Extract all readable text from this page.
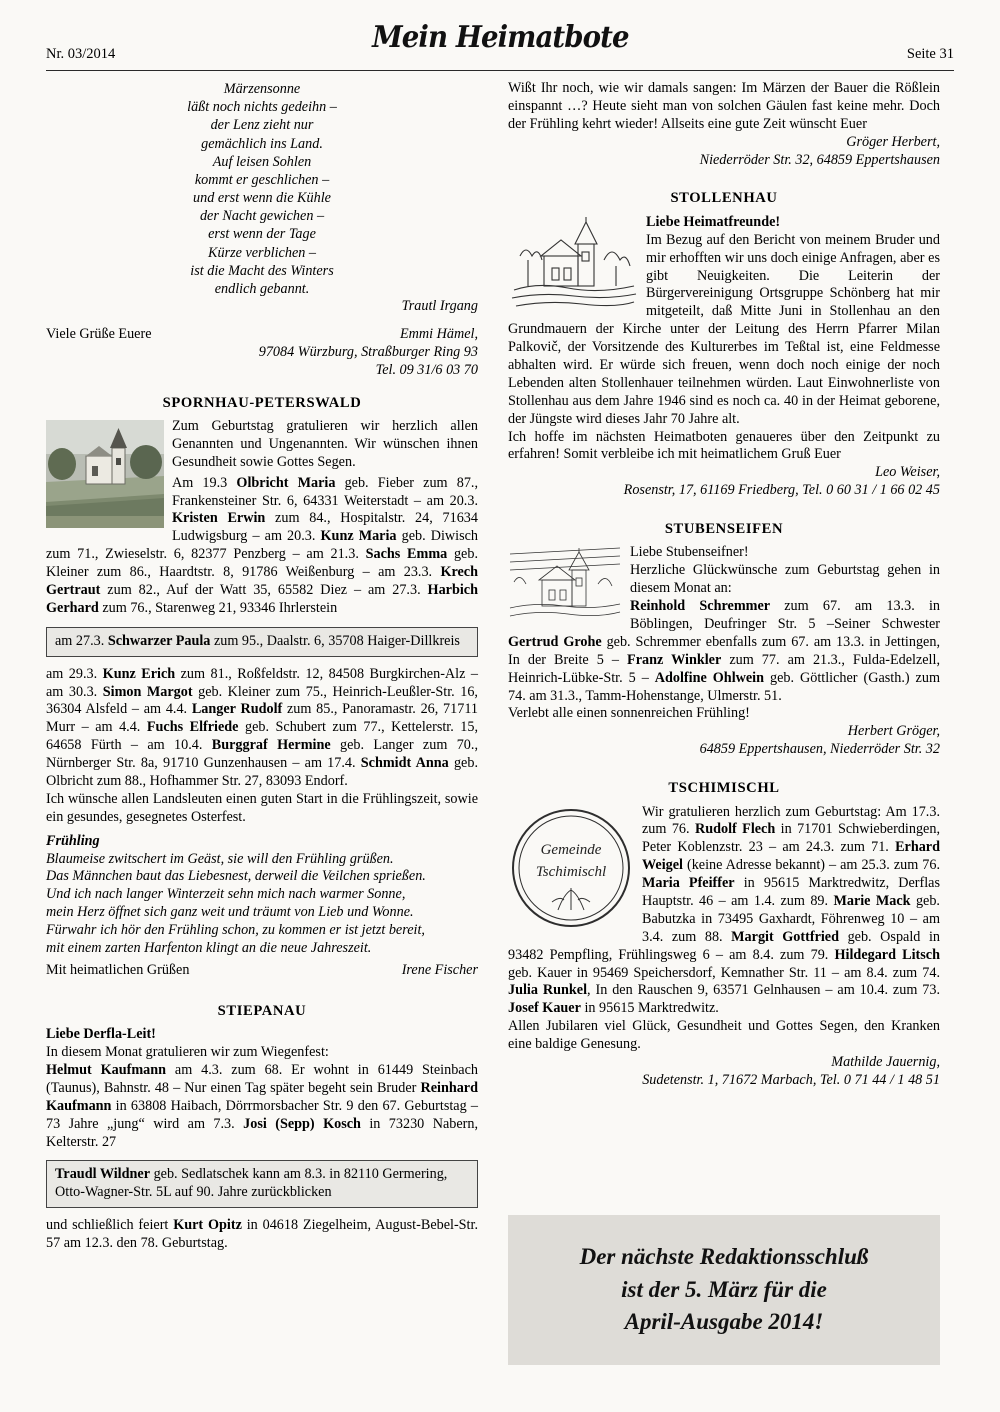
Nr. 03/2014	Mein Heimatbote	Seite 31

Märzensonne

läßt noch nichts gedeihn –

der Lenz zieht nur

gemächlich ins Land.

Auf leisen Sohlen

kommt er geschlichen –

und erst wenn die Kühle

der Nacht gewichen –

erst wenn der Tage

Kürze verblichen –

ist die Macht des Winters

endlich gebannt.

Trautl Irgang

Viele Grüße Euere	Emmi Hämel,

97084 Würzburg, Straßburger Ring 93

Tel. 09 31/6 03 70

SPORNHAU-PETERSWALD

Zum Geburtstag gratulieren wir herzlich allen Genannten und Ungenannten. Wir wünschen ihnen Gesundheit sowie Gottes Segen.

Am 19.3 Olbricht Maria geb. Fieber zum 87., Frankensteiner Str. 6, 64331 Weiterstadt – am 20.3. Kristen Erwin zum 84., Hospitalstr. 24, 71634 Ludwigsburg – am 20.3. Kunz Maria geb. Diwisch zum 71., Zwieselstr. 6, 82377 Penzberg – am 21.3. Sachs Emma geb. Kleiner zum 86., Haardtstr. 8, 91786 Weißenburg – am 23.3. Krech Gertraut zum 82., Auf der Watt 35, 65582 Diez – am 27.3. Harbich Gerhard zum 76., Starenweg 21, 93346 Ihrlerstein

am 27.3. Schwarzer Paula zum 95., Daalstr. 6, 35708 Haiger-Dillkreis

am 29.3. Kunz Erich zum 81., Roßfeldstr. 12, 84508 Burgkirchen-Alz – am 30.3. Simon Margot geb. Kleiner zum 75., Heinrich-Leußler-Str. 16, 36304 Alsfeld – am 4.4. Langer Rudolf zum 85., Panoramastr. 26, 71711 Murr – am 4.4. Fuchs Elfriede geb. Schubert zum 77., Kettelerstr. 15, 64658 Fürth – am 10.4. Burggraf Hermine geb. Langer zum 70., Nürnberger Str. 8a, 91710 Gunzenhausen – am 17.4. Schmidt Anna geb. Olbricht zum 88., Hofhammer Str. 27, 83093 Endorf.

Ich wünsche allen Landsleuten einen guten Start in die Frühlingszeit, sowie ein gesundes, gesegnetes Osterfest.

Frühling

Blaumeise zwitschert im Geäst, sie will den Frühling grüßen.

Das Männchen baut das Liebesnest, derweil die Veilchen sprießen.

Und ich nach langer Winterzeit sehn mich nach warmer Sonne,

mein Herz öffnet sich ganz weit und träumt von Lieb und Wonne.

Fürwahr ich hör den Frühling schon, zu kommen er ist jetzt bereit,

mit einem zarten Harfenton klingt an die neue Jahreszeit.

Mit heimatlichen Grüßen	Irene Fischer

STIEPANAU

Liebe Derfla-Leit!

In diesem Monat gratulieren wir zum Wiegenfest:

Helmut Kaufmann am 4.3. zum 68. Er wohnt in 61449 Steinbach (Taunus), Bahnstr. 48 – Nur einen Tag später begeht sein Bruder Reinhard Kaufmann in 63808 Haibach, Dörrmorsbacher Str. 9 den 67. Geburtstag – 73 Jahre „jung“ wird am 7.3. Josi (Sepp) Kosch in 73230 Nabern, Kelterstr. 27

Traudl Wildner geb. Sedlatschek kann am 8.3. in 82110 Germering, Otto-Wagner-Str. 5L auf 90. Jahre zurückblicken

und schließlich feiert Kurt Opitz in 04618 Ziegelheim, August-Bebel-Str. 57 am 12.3. den 78. Geburtstag.

Wißt Ihr noch, wie wir damals sangen: Im Märzen der Bauer die Rößlein einspannt …? Heute sieht man von solchen Gäulen fast keine mehr. Doch der Frühling kehrt wieder! Allseits eine gute Zeit wünscht Euer

Gröger Herbert,

Niederröder Str. 32, 64859 Eppertshausen

STOLLENHAU

Liebe Heimatfreunde!

Im Bezug auf den Bericht von meinem Bruder und mir erhofften wir uns doch einige Anfragen, aber es gibt Neuigkeiten. Die Leiterin der Bürgervereinigung Ortsgruppe Schönberg hat mir mitgeteilt, daß Mitte Juni in Stollenhau an den Grundmauern der Kirche unter der Leitung des Herrn Pfarrer Milan Palkovič, der Vorsitzende des Kulturerbes im Teßtal ist, eine Feldmesse abhalten wird. Er würde sich freuen, wenn doch noch einige der noch Lebenden alten Stollenhauer teilnehmen würden. Laut Einwohnerliste von Stollenhau aus dem Jahre 1946 sind es noch ca. 40 in der Heimat geborene, der Jüngste wird dieses Jahr 70 Jahre alt.

Ich hoffe im nächsten Heimatboten genaueres über den Zeitpunkt zu erfahren! Somit verbleibe ich mit heimatlichem Gruß Euer

Leo Weiser,

Rosenstr, 17, 61169 Friedberg, Tel. 0 60 31 / 1 66 02 45

STUBENSEIFEN

Liebe Stubenseifner!

Herzliche Glückwünsche zum Geburtstag gehen in diesem Monat an:

Reinhold Schremmer zum 67. am 13.3. in Böblingen, Deufringer Str. 5 –Seiner Schwester Gertrud Grohe geb. Schremmer ebenfalls zum 67. am 13.3. in Jettingen, In der Breite 5 – Franz Winkler zum 77. am 21.3., Fulda-Edelzell, Heinrich-Lübke-Str. 5 – Adolfine Ohlwein geb. Göttlicher (Gasth.) zum 74. am 31.3., Tamm-Hohenstange, Ulmerstr. 51.

Verlebt alle einen sonnenreichen Frühling!

Herbert Gröger,

64859 Eppertshausen, Niederröder Str. 32

TSCHIMISCHL

Gemeinde
Tschimischl

Wir gratulieren herzlich zum Geburtstag: Am 17.3. zum 76. Rudolf Flech in 71701 Schwieberdingen, Peter Koblenzstr. 23 – am 24.3. zum 71. Erhard Weigel (keine Adresse bekannt) – am 25.3. zum 76. Maria Pfeiffer in 95615 Marktredwitz, Derflas Hauptstr. 46 – am 1.4. zum 89. Marie Mack geb. Babutzka in 73495 Gaxhardt, Föhrenweg 10 – am 3.4. zum 88. Margit Gottfried geb. Ospald in 93482 Pempfling, Frühlingsweg 6 – am 8.4. zum 79. Hildegard Litsch geb. Kauer in 95469 Speichersdorf, Kemnather Str. 11 – am 8.4. zum 74. Julia Runkel, In den Rauschen 9, 63571 Gelnhausen – am 10.4. zum 73. Josef Kauer in 95615 Marktredwitz.

Allen Jubilaren viel Glück, Gesundheit und Gottes Segen, den Kranken eine baldige Genesung.

Mathilde Jauernig,

Sudetenstr. 1, 71672 Marbach, Tel. 0 71 44 / 1 48 51

Der nächste Redaktionsschluß
ist der 5. März für die
April-Ausgabe 2014!
